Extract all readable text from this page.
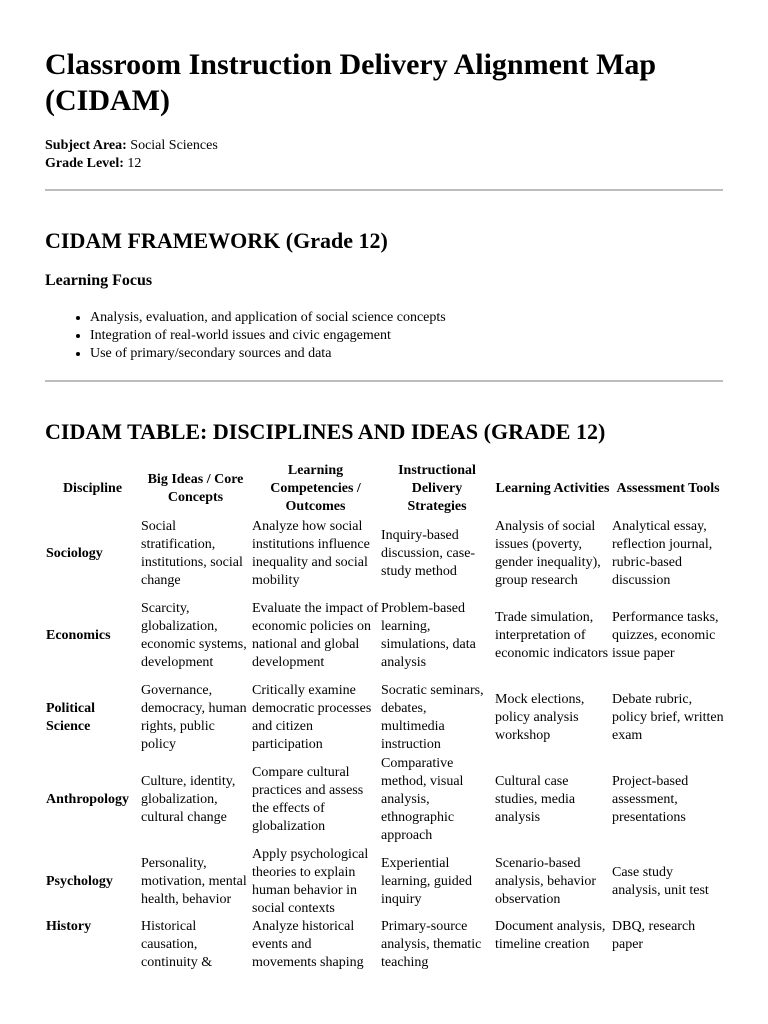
Classroom Instruction Delivery Alignment Map (CIDAM)
Subject Area: Social Sciences
Grade Level: 12
CIDAM FRAMEWORK (Grade 12)
Learning Focus
• Analysis, evaluation, and application of social science concepts
• Integration of real-world issues and civic engagement
• Use of primary/secondary sources and data
CIDAM TABLE: DISCIPLINES AND IDEAS (GRADE 12)
Discipline	Big Ideas / Core Concepts	Learning Competencies / Outcomes	Instructional Delivery Strategies	Learning Activities	Assessment Tools
Sociology	Social stratification, institutions, social change	Analyze how social institutions influence inequality and social mobility	Inquiry-based discussion, case-study method	Analysis of social issues (poverty, gender inequality), group research	Analytical essay, reflection journal, rubric-based discussion
Economics	Scarcity, globalization, economic systems, development	Evaluate the impact of economic policies on national and global development	Problem-based learning, simulations, data analysis	Trade simulation, interpretation of economic indicators	Performance tasks, quizzes, economic issue paper
Political Science	Governance, democracy, human rights, public policy	Critically examine democratic processes and citizen participation	Socratic seminars, debates, multimedia instruction	Mock elections, policy analysis workshop	Debate rubric, policy brief, written exam
Anthropology	Culture, identity, globalization, cultural change	Compare cultural practices and assess the effects of globalization	Comparative method, visual analysis, ethnographic approach	Cultural case studies, media analysis	Project-based assessment, presentations
Psychology	Personality, motivation, mental health, behavior	Apply psychological theories to explain human behavior in social contexts	Experiential learning, guided inquiry	Scenario-based analysis, behavior observation	Case study analysis, unit test
History	Historical causation, continuity &	Analyze historical events and movements shaping	Primary-source analysis, thematic teaching	Document analysis, timeline creation	DBQ, research paper
